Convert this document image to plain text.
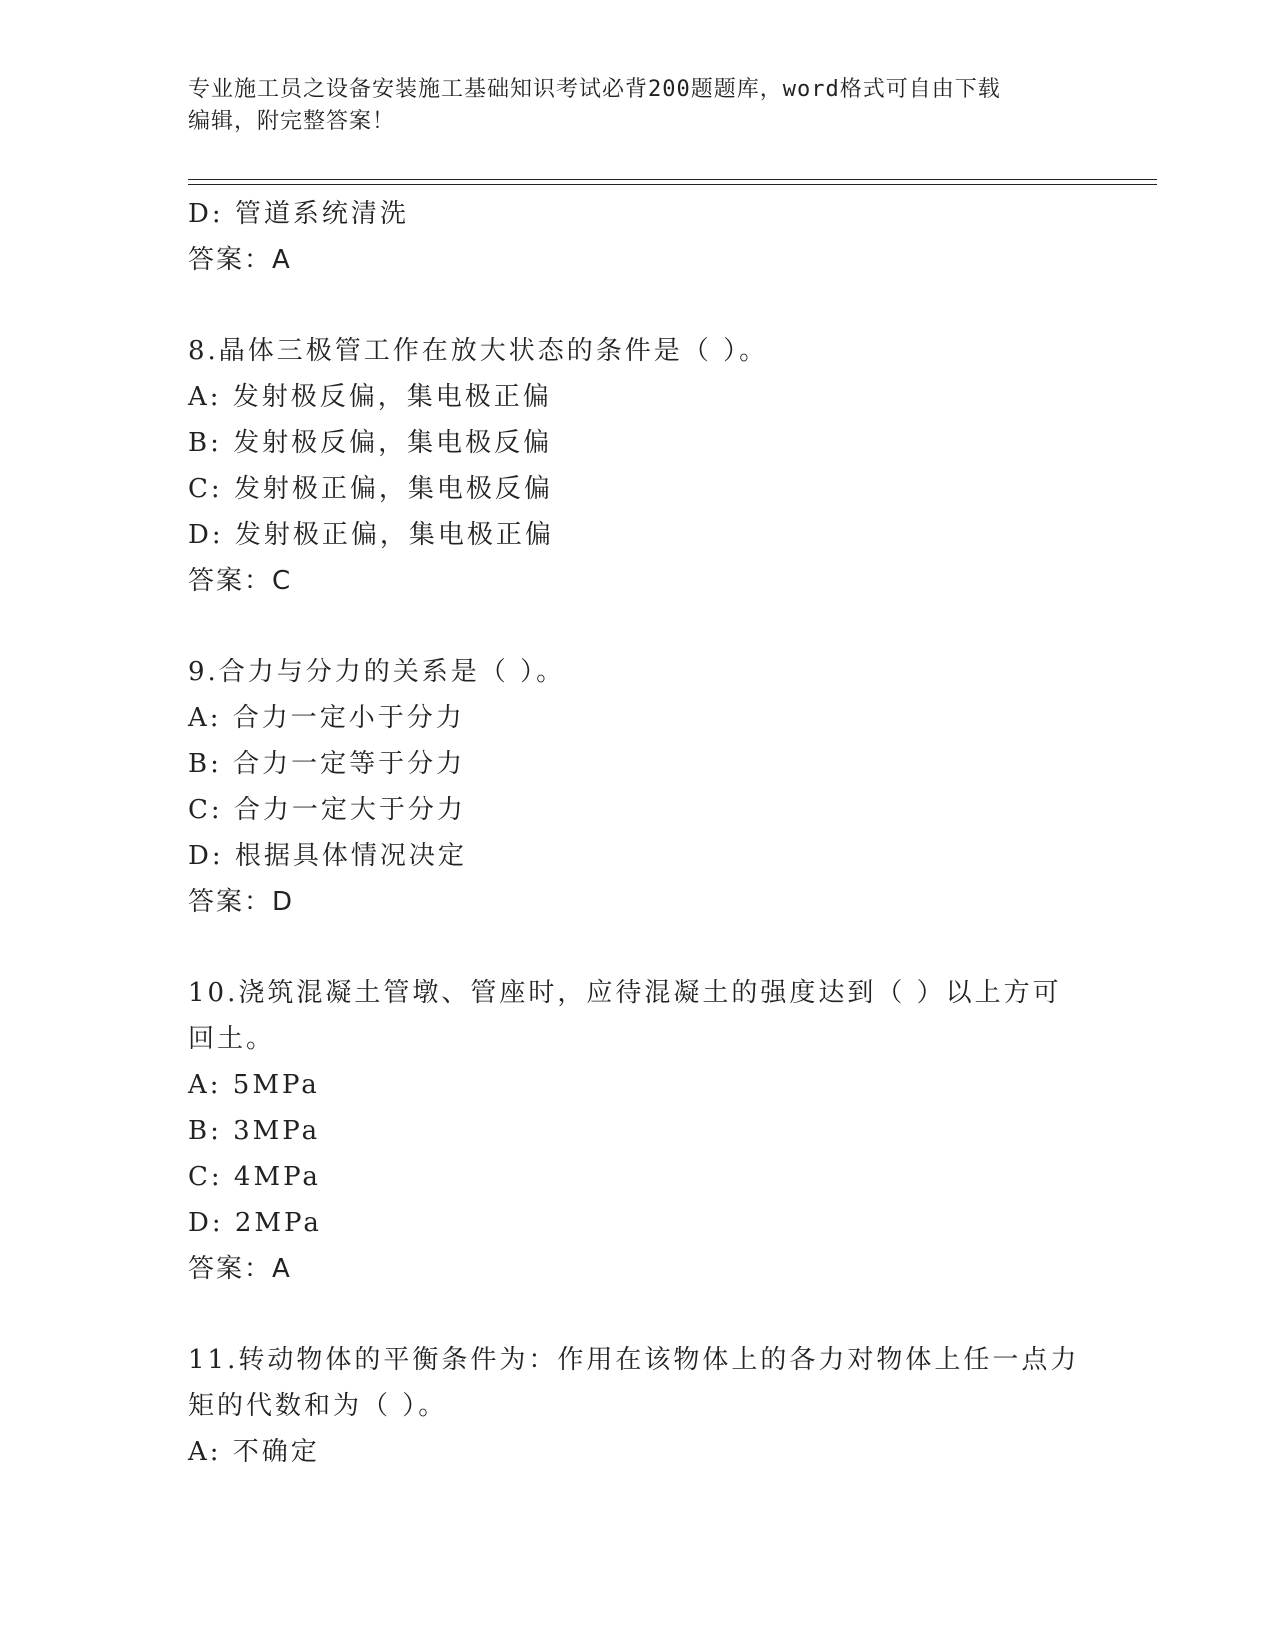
专业施工员之设备安装施工基础知识考试必背200题题库，word格式可自由下载
编辑，附完整答案！
D: 管道系统清洗
答案：A
8.晶体三极管工作在放大状态的条件是（ ）。
A: 发射极反偏，集电极正偏
B: 发射极反偏，集电极反偏
C: 发射极正偏，集电极反偏
D: 发射极正偏，集电极正偏
答案：C
9.合力与分力的关系是（ ）。
A: 合力一定小于分力
B: 合力一定等于分力
C: 合力一定大于分力
D: 根据具体情况决定
答案：D
10.浇筑混凝土管墩、管座时，应待混凝土的强度达到（ ）以上方可
回土。
A: 5MPa
B: 3MPa
C: 4MPa
D: 2MPa
答案：A
11.转动物体的平衡条件为：作用在该物体上的各力对物体上任一点力
矩的代数和为（ ）。
A: 不确定
